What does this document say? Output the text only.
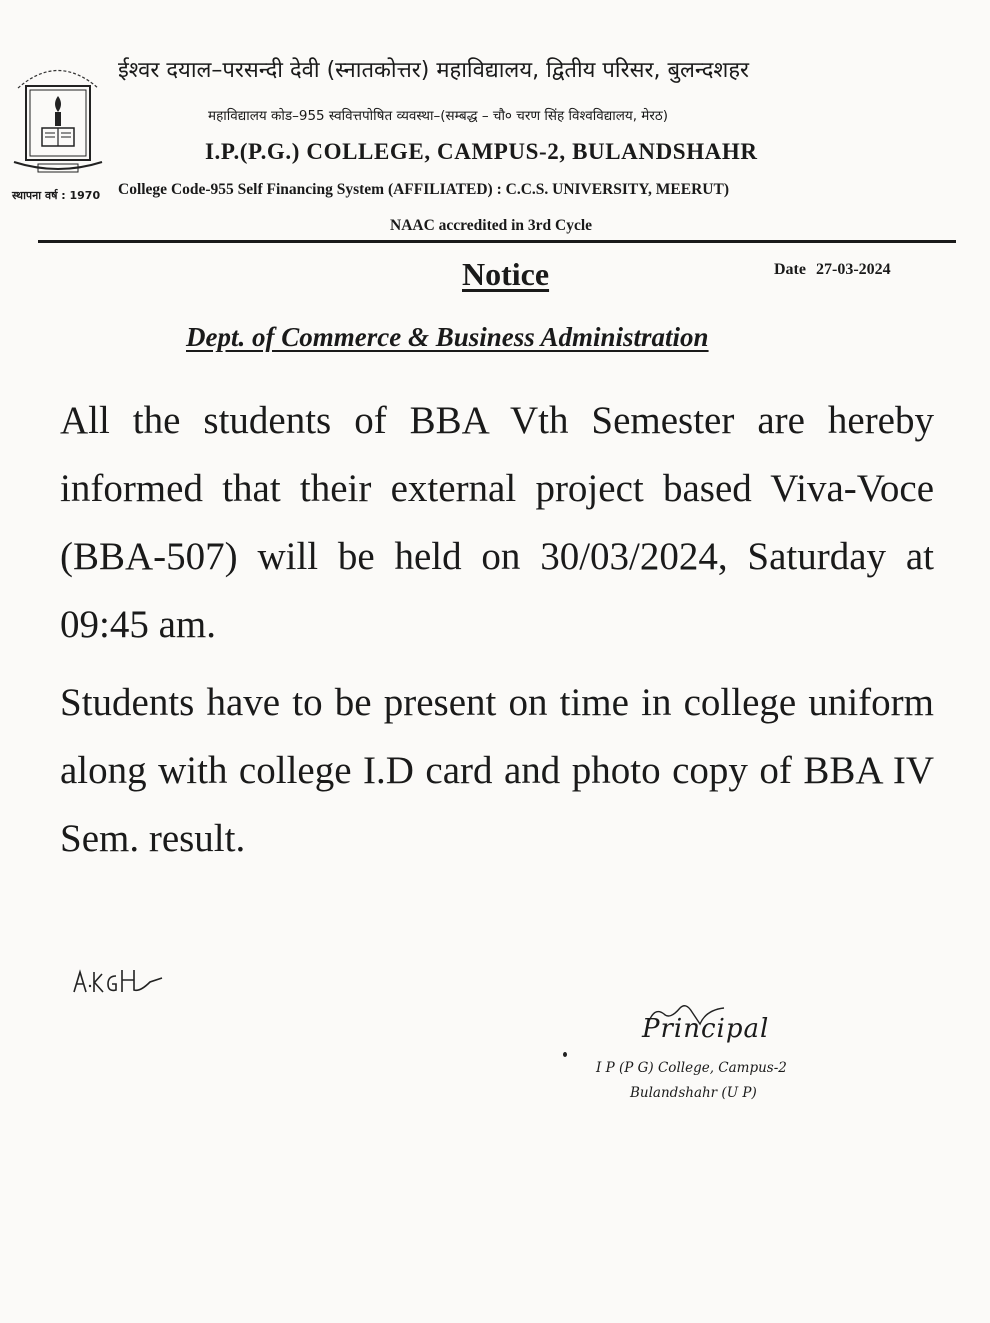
स्थापना वर्ष : 1970
ईश्वर दयाल–परसन्दी देवी (स्नातकोत्तर) महाविद्यालय, द्वितीय परिसर, बुलन्दशहर
महाविद्यालय कोड–955 स्ववित्तपोषित व्यवस्था–(सम्बद्ध – चौ० चरण सिंह विश्वविद्यालय, मेरठ)
I.P.(P.G.) COLLEGE, CAMPUS-2, BULANDSHAHR
College Code-955 Self Financing System (AFFILIATED) : C.C.S. UNIVERSITY, MEERUT)
NAAC accredited in 3rd Cycle
Notice	Date 27-03-2024
Dept. of Commerce & Business Administration
All the students of BBA Vth Semester are hereby informed that their external project based Viva-Voce (BBA-507) will be held on 30/03/2024, Saturday at 09:45 am.
Students have to be present on time in college uniform along with college I.D card and photo copy of BBA IV Sem. result.
Principal
I P (P G) College, Campus-2
Bulandshahr (U P)
